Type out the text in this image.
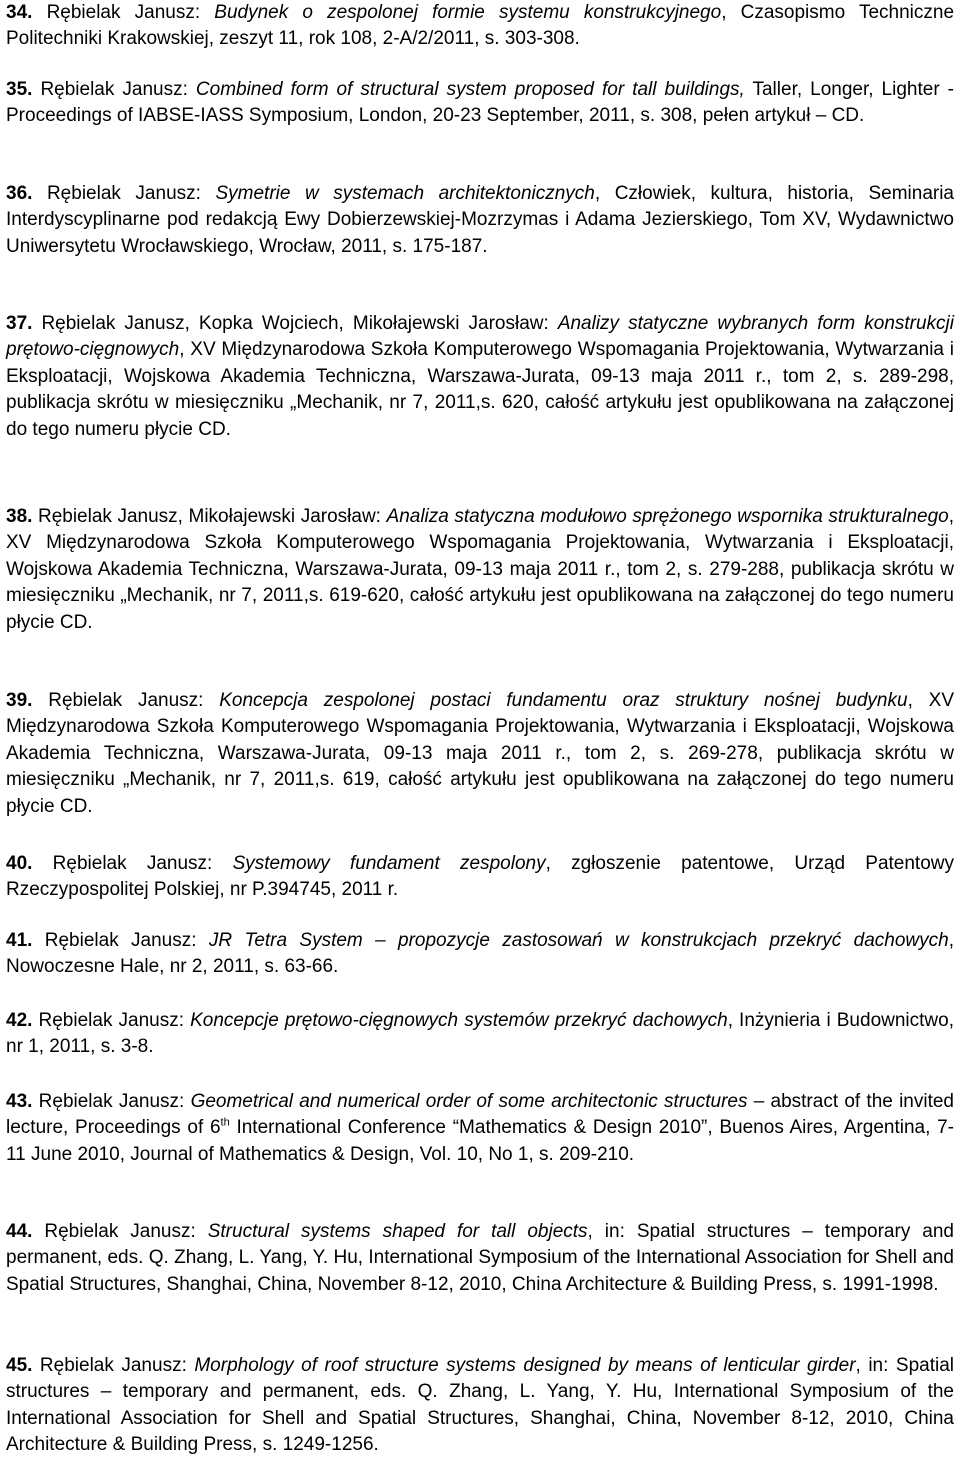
34. Rębielak Janusz: Budynek o zespolonej formie systemu konstrukcyjnego, Czasopismo Techniczne Politechniki Krakowskiej, zeszyt 11, rok 108, 2-A/2/2011, s. 303-308.

35. Rębielak Janusz: Combined form of structural system proposed for tall buildings, Taller, Longer, Lighter - Proceedings of IABSE-IASS Symposium, London, 20-23 September, 2011, s. 308, pełen artykuł – CD.

36. Rębielak Janusz: Symetrie w systemach architektonicznych, Człowiek, kultura, historia, Seminaria Interdyscyplinarne pod redakcją Ewy Dobierzewskiej-Mozrzymas i Adama Jezierskiego, Tom XV, Wydawnictwo Uniwersytetu Wrocławskiego, Wrocław, 2011, s. 175-187.

37. Rębielak Janusz, Kopka Wojciech, Mikołajewski Jarosław: Analizy statyczne wybranych form konstrukcji prętowo-cięgnowych, XV Międzynarodowa Szkoła Komputerowego Wspomagania Projektowania, Wytwarzania i Eksploatacji, Wojskowa Akademia Techniczna, Warszawa-Jurata, 09-13 maja 2011 r., tom 2, s. 289-298, publikacja skrótu w miesięczniku „Mechanik, nr 7, 2011,s. 620, całość artykułu jest opublikowana na załączonej do tego numeru płycie CD.

38. Rębielak Janusz, Mikołajewski Jarosław: Analiza statyczna modułowo sprężonego wspornika strukturalnego, XV Międzynarodowa Szkoła Komputerowego Wspomagania Projektowania, Wytwarzania i Eksploatacji, Wojskowa Akademia Techniczna, Warszawa-Jurata, 09-13 maja 2011 r., tom 2, s. 279-288, publikacja skrótu w miesięczniku „Mechanik, nr 7, 2011,s. 619-620, całość artykułu jest opublikowana na załączonej do tego numeru płycie CD.

39. Rębielak Janusz: Koncepcja zespolonej postaci fundamentu oraz struktury nośnej budynku, XV Międzynarodowa Szkoła Komputerowego Wspomagania Projektowania, Wytwarzania i Eksploatacji, Wojskowa Akademia Techniczna, Warszawa-Jurata, 09-13 maja 2011 r., tom 2, s. 269-278, publikacja skrótu w miesięczniku „Mechanik, nr 7, 2011,s. 619, całość artykułu jest opublikowana na załączonej do tego numeru płycie CD.

40. Rębielak Janusz: Systemowy fundament zespolony, zgłoszenie patentowe, Urząd Patentowy Rzeczypospolitej Polskiej, nr P.394745, 2011 r.

41. Rębielak Janusz: JR Tetra System – propozycje zastosowań w konstrukcjach przekryć dachowych, Nowoczesne Hale, nr 2, 2011, s. 63-66.

42. Rębielak Janusz: Koncepcje prętowo-cięgnowych systemów przekryć dachowych, Inżynieria i Budownictwo, nr 1, 2011, s. 3-8.

43. Rębielak Janusz: Geometrical and numerical order of some architectonic structures – abstract of the invited lecture, Proceedings of 6th International Conference “Mathematics & Design 2010”, Buenos Aires, Argentina, 7-11 June 2010, Journal of Mathematics & Design, Vol. 10, No 1, s. 209-210.

44. Rębielak Janusz: Structural systems shaped for tall objects, in: Spatial structures – temporary and permanent, eds. Q. Zhang, L. Yang, Y. Hu, International Symposium of the International Association for Shell and Spatial Structures, Shanghai, China, November 8-12, 2010, China Architecture & Building Press, s. 1991-1998.

45. Rębielak Janusz: Morphology of roof structure systems designed by means of lenticular girder, in: Spatial structures – temporary and permanent, eds. Q. Zhang, L. Yang, Y. Hu, International Symposium of the International Association for Shell and Spatial Structures, Shanghai, China, November 8-12, 2010, China Architecture & Building Press, s. 1249-1256.
